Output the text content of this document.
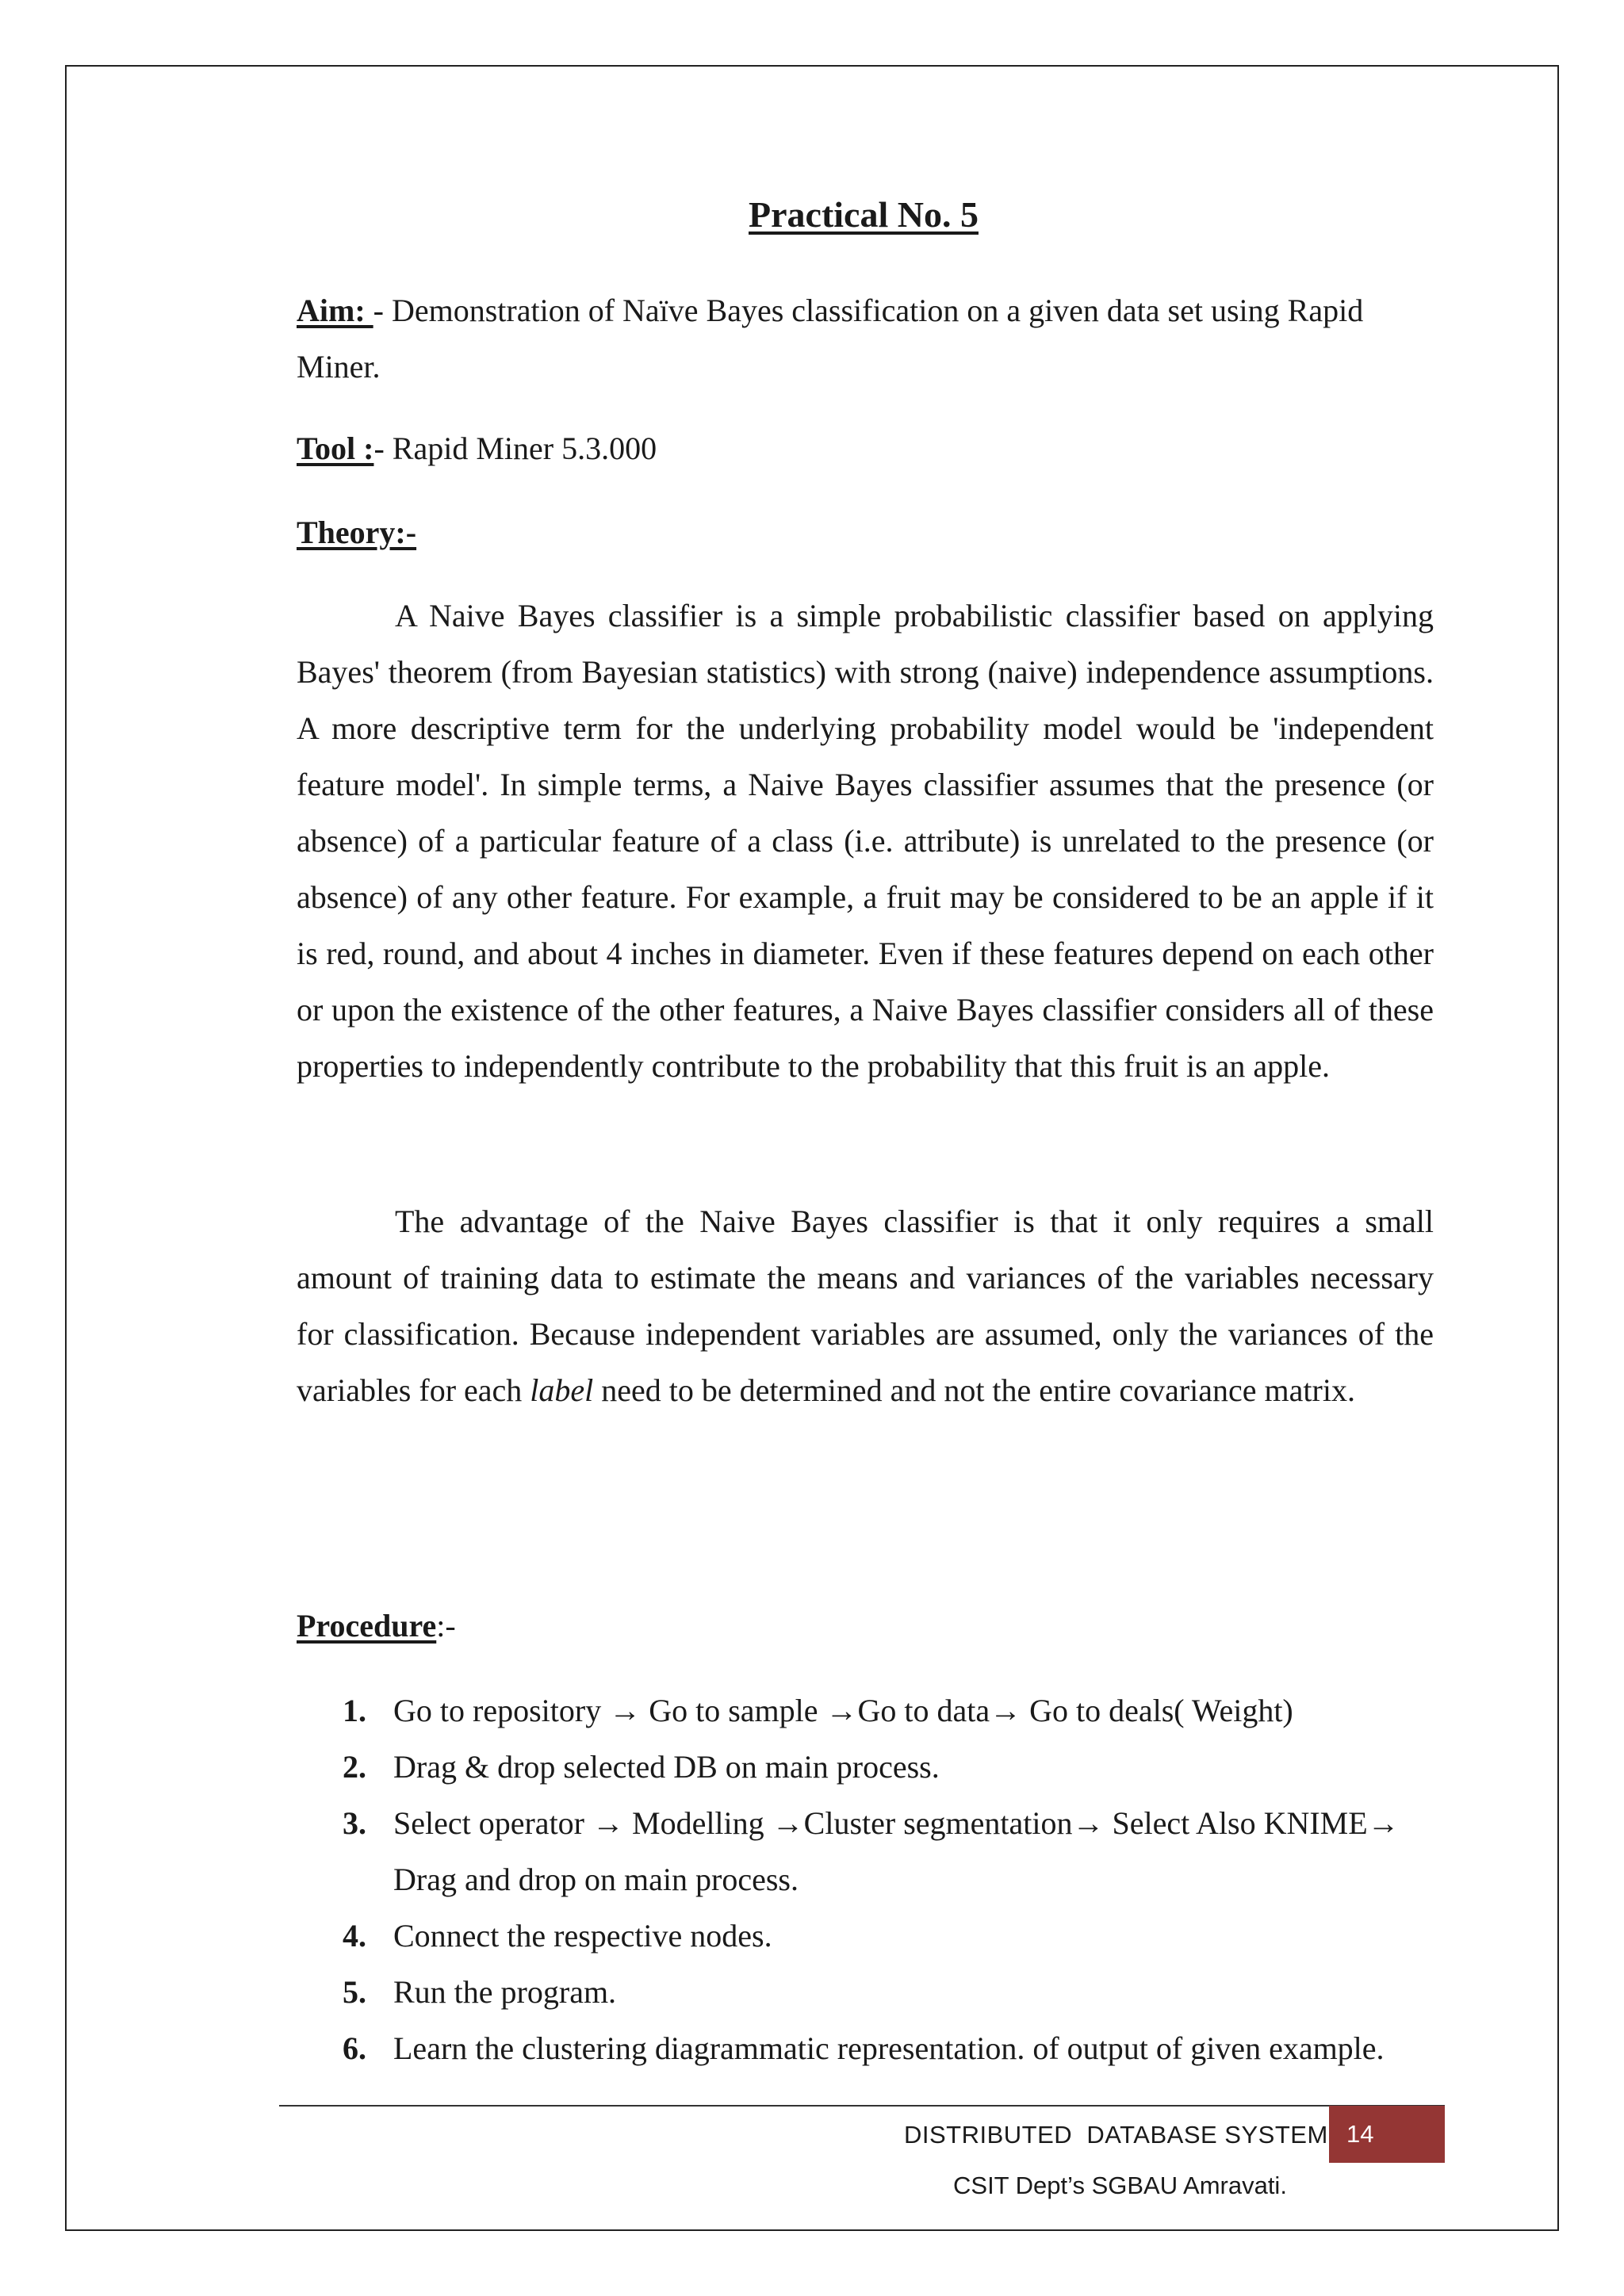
Practical No. 5
Aim: - Demonstration of Naïve Bayes classification on a given data set using Rapid Miner.
Tool :- Rapid Miner 5.3.000
Theory:-

A Naive Bayes classifier is a simple probabilistic classifier based on applying Bayes' theorem (from Bayesian statistics) with strong (naive) independence assumptions. A more descriptive term for the underlying probability model would be 'independent feature model'. In simple terms, a Naive Bayes classifier assumes that the presence (or absence) of a particular feature of a class (i.e. attribute) is unrelated to the presence (or absence) of any other feature. For example, a fruit may be considered to be an apple if it is red, round, and about 4 inches in diameter. Even if these features depend on each other or upon the existence of the other features, a Naive Bayes classifier considers all of these properties to independently contribute to the probability that this fruit is an apple.

The advantage of the Naive Bayes classifier is that it only requires a small amount of training data to estimate the means and variances of the variables necessary for classification. Because independent variables are assumed, only the variances of the variables for each label need to be determined and not the entire covariance matrix.

Procedure:-
1. Go to repository → Go to sample →Go to data→ Go to deals( Weight)
2. Drag & drop selected DB on main process.
3. Select operator → Modelling →Cluster segmentation→ Select Also KNIME→ Drag and drop on main process.
4. Connect the respective nodes.
5. Run the program.
6. Learn the clustering diagrammatic representation. of output of given example.
DISTRIBUTED  DATABASE SYSTEM 14
CSIT Dept’s SGBAU Amravati.
